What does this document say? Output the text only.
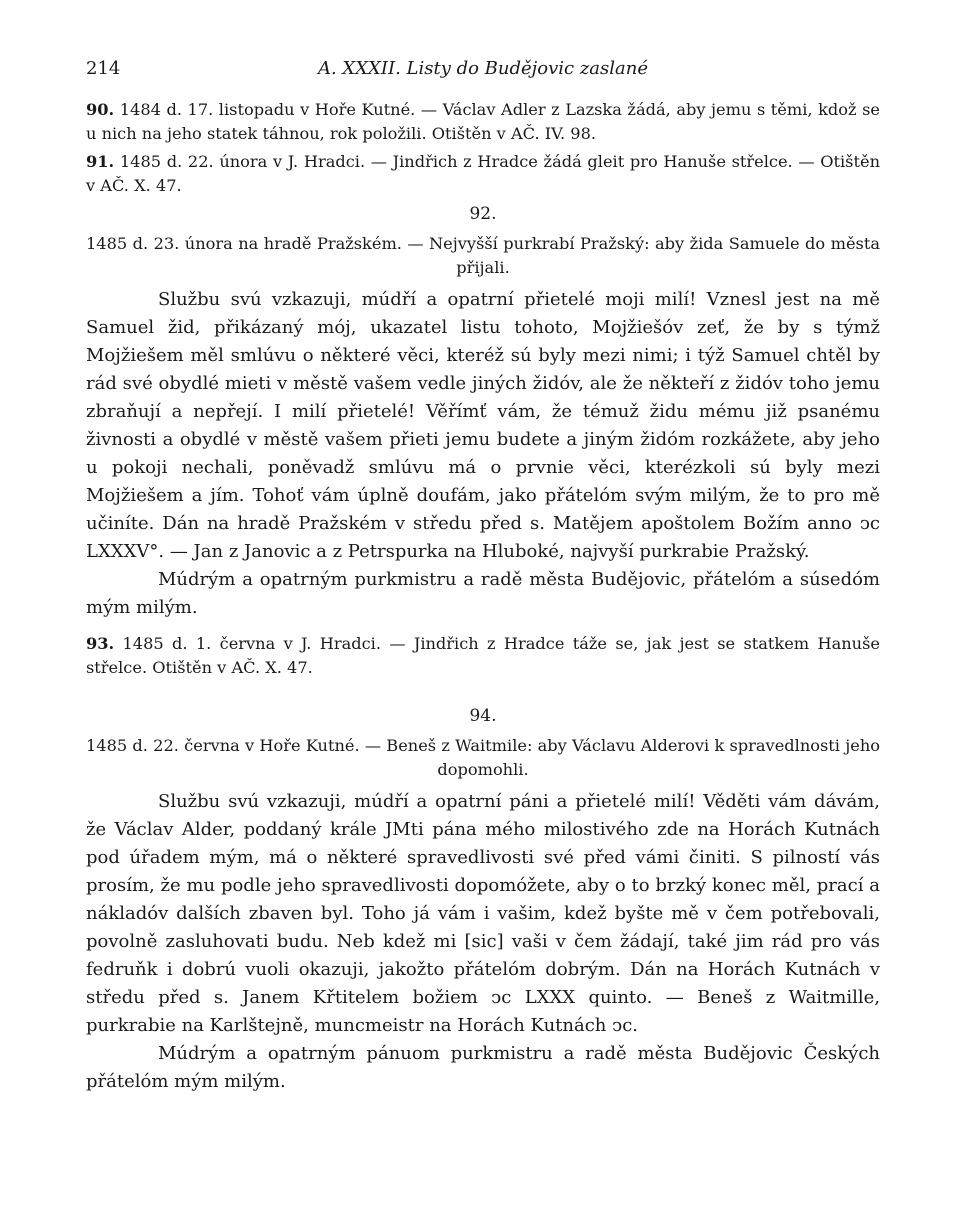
214	A. XXXII. Listy do Budějovic zaslané

90. 1484 d. 17. listopadu v Hoře Kutné. — Václav Adler z Lazska žádá, aby jemu s těmi, kdož se u nich na jeho statek táhnou, rok položili. Otištěn v AČ. IV. 98.

91. 1485 d. 22. února v J. Hradci. — Jindřich z Hradce žádá gleit pro Hanuše střelce. — Otištěn v AČ. X. 47.

92.

1485 d. 23. února na hradě Pražském. — Nejvyšší purkrabí Pražský: aby žida Samuele do města přijali.

Službu svú vzkazuji, múdří a opatrní přietelé moji milí! Vznesl jest na mě Samuel žid, přikázaný mój, ukazatel listu tohoto, Mojžiešóv zeť, že by s týmž Mojžiešem měl smlúvu o některé věci, kteréž sú byly mezi nimi; i týž Samuel chtěl by rád své obydlé mieti v městě vašem vedle jiných židóv, ale že někteří z židóv toho jemu zbraňují a nepřejí. I milí přietelé! Věřímť vám, že témuž židu mému již psanému živnosti a obydlé v městě vašem přieti jemu budete a jiným židóm rozkážete, aby jeho u pokoji nechali, poněvadž smlúvu má o prvnie věci, kterézkoli sú byly mezi Mojžiešem a jím. Tohoť vám úplně doufám, jako přátelóm svým milým, že to pro mě učiníte. Dán na hradě Pražském v středu před s. Matějem apoštolem Božím anno ↄc LXXXV°. — Jan z Janovic a z Petrspurka na Hluboké, najvyší purkrabie Pražský.

Múdrým a opatrným purkmistru a radě města Budějovic, přátelóm a súsedóm mým milým.

93. 1485 d. 1. června v J. Hradci. — Jindřich z Hradce táže se, jak jest se statkem Hanuše střelce. Otištěn v AČ. X. 47.

94.

1485 d. 22. června v Hoře Kutné. — Beneš z Waitmile: aby Václavu Alderovi k spravedlnosti jeho dopomohli.

Službu svú vzkazuji, múdří a opatrní páni a přietelé milí! Věděti vám dávám, že Václav Alder, poddaný krále JMti pána mého milostivého zde na Horách Kutnách pod úřadem mým, má o některé spravedlivosti své před vámi činiti. S pilností vás prosím, že mu podle jeho spravedlivosti dopomóžete, aby o to brzký konec měl, prací a nákladóv dalších zbaven byl. Toho já vám i vašim, kdež byšte mě v čem potřebovali, povolně zasluhovati budu. Neb kdež mi [sic] vaši v čem žádají, také jim rád pro vás fedruňk i dobrú vuoli okazuji, jakožto přátelóm dobrým. Dán na Horách Kutnách v středu před s. Janem Křtitelem božiem ↄc LXXX quinto. — Beneš z Waitmille, purkrabie na Karlštejně, muncmeistr na Horách Kutnách ↄc.

Múdrým a opatrným pánuom purkmistru a radě města Budějovic Českých přátelóm mým milým.
